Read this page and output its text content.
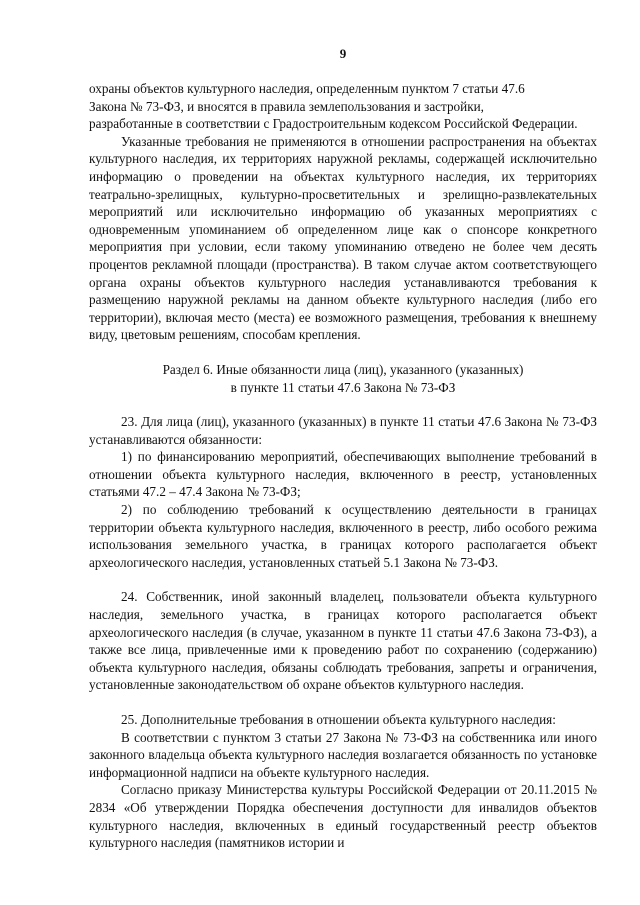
9

охраны объектов культурного наследия, определенным пунктом 7 статьи 47.6

Закона № 73-ФЗ, и вносятся в правила землепользования и застройки,

разработанные в соответствии с Градостроительным кодексом Российской Федерации.

Указанные требования не применяются в отношении распространения на объектах культурного наследия, их территориях наружной рекламы, содержащей исключительно информацию о проведении на объектах культурного наследия, их территориях театрально-зрелищных, культурно-просветительных и зрелищно-развлекательных мероприятий или исключительно информацию об указанных мероприятиях с одновременным упоминанием об определенном лице как о спонсоре конкретного мероприятия при условии, если такому упоминанию отведено не более чем десять процентов рекламной площади (пространства). В таком случае актом соответствующего органа охраны объектов культурного наследия устанавливаются требования к размещению наружной рекламы на данном объекте культурного наследия (либо его территории), включая место (места) ее возможного размещения, требования к внешнему виду, цветовым решениям, способам крепления.

Раздел 6. Иные обязанности лица (лиц), указанного (указанных)

в пункте 11 статьи 47.6 Закона № 73-ФЗ

23. Для лица (лиц), указанного (указанных) в пункте 11 статьи 47.6 Закона № 73-ФЗ устанавливаются обязанности:

1) по финансированию мероприятий, обеспечивающих выполнение требований в отношении объекта культурного наследия, включенного в реестр, установленных статьями 47.2 – 47.4 Закона № 73-ФЗ;

2) по соблюдению требований к осуществлению деятельности в границах территории объекта культурного наследия, включенного в реестр, либо особого режима использования земельного участка, в границах которого располагается объект археологического наследия, установленных статьей 5.1 Закона № 73-ФЗ.

24. Собственник, иной законный владелец, пользователи объекта культурного наследия, земельного участка, в границах которого располагается объект археологического наследия (в случае, указанном в пункте 11 статьи 47.6 Закона 73-ФЗ), а также все лица, привлеченные ими к проведению работ по сохранению (содержанию) объекта культурного наследия, обязаны соблюдать требования, запреты и ограничения, установленные законодательством об охране объектов культурного наследия.

25. Дополнительные требования в отношении объекта культурного наследия:

В соответствии с пунктом 3 статьи 27 Закона № 73-ФЗ на собственника или иного законного владельца объекта культурного наследия возлагается обязанность по установке информационной надписи на объекте культурного наследия.

Согласно приказу Министерства культуры Российской Федерации от 20.11.2015 № 2834 «Об утверждении Порядка обеспечения доступности для инвалидов объектов культурного наследия, включенных в единый государственный реестр объектов культурного наследия (памятников истории и
